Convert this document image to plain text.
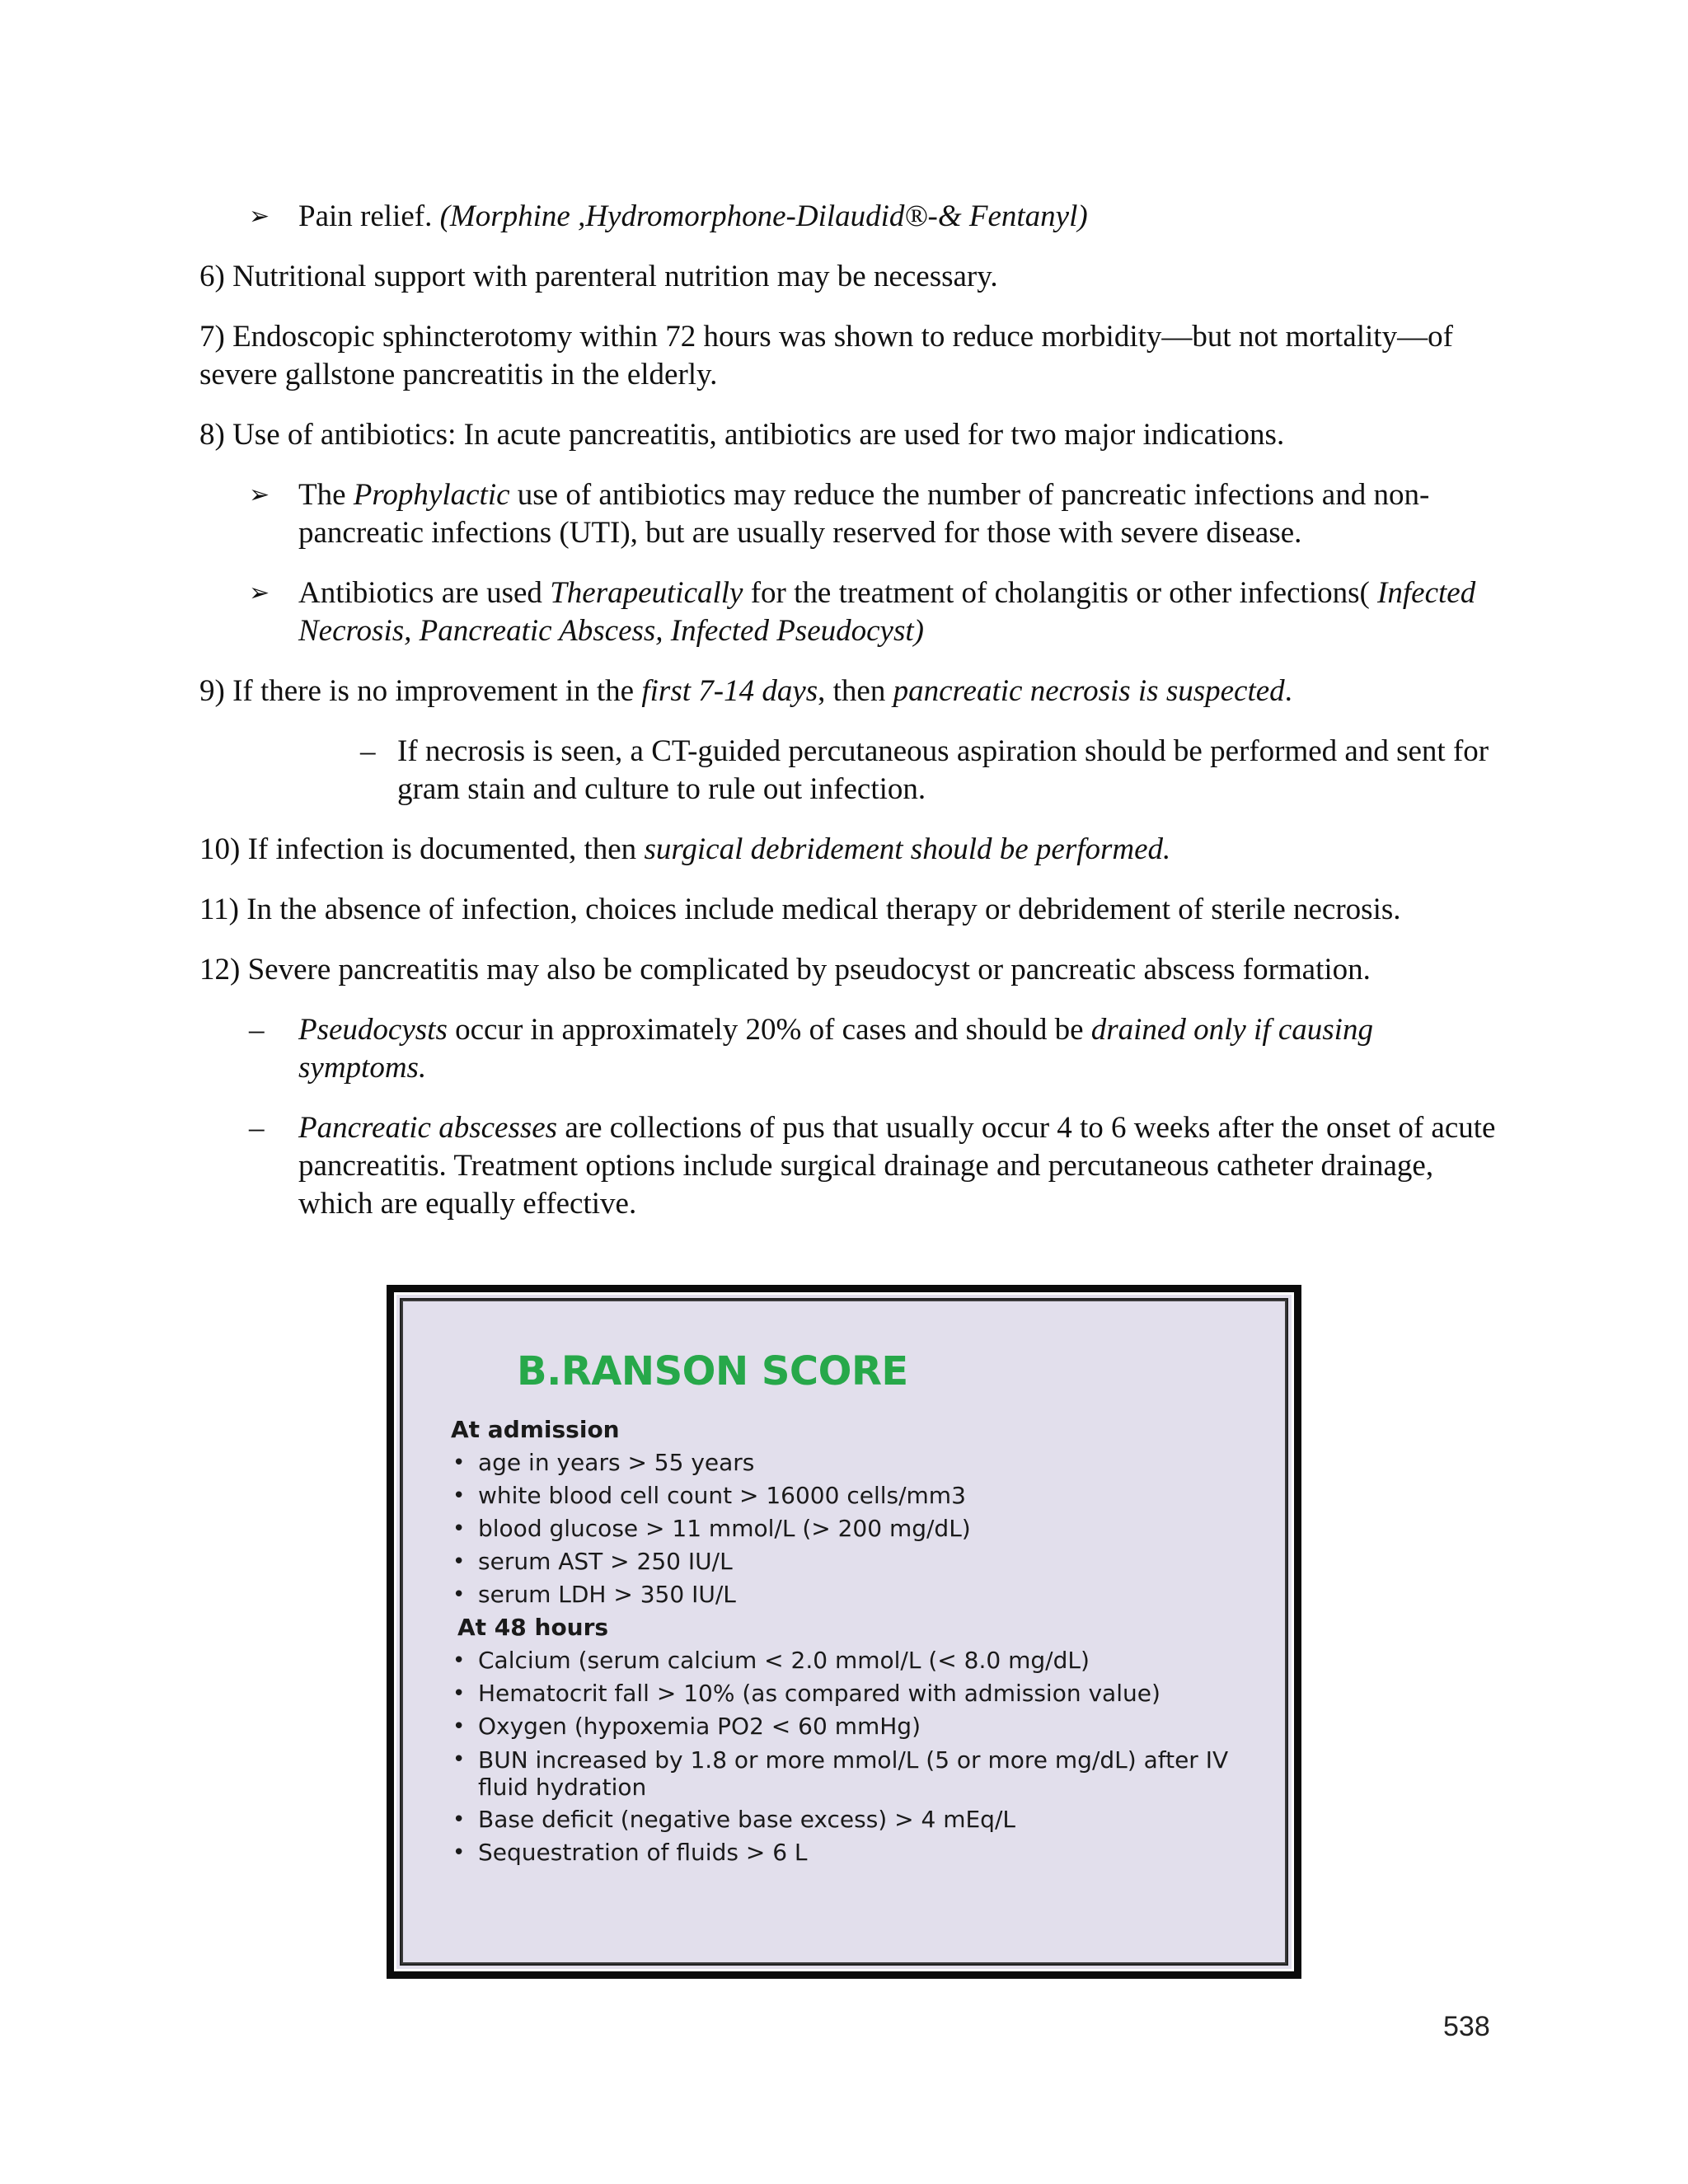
➢ Pain relief. (Morphine ,Hydromorphone-Dilaudid®-& Fentanyl)

6) Nutritional support with parenteral nutrition may be necessary.

7) Endoscopic sphincterotomy within 72 hours was shown to reduce morbidity—but not mortality—of severe gallstone pancreatitis in the elderly.

8) Use of antibiotics: In acute pancreatitis, antibiotics are used for two major indications.

➢ The Prophylactic use of antibiotics may reduce the number of pancreatic infections and non-pancreatic infections (UTI), but are usually reserved for those with severe disease.
➢ Antibiotics are used Therapeutically for the treatment of cholangitis or other infections( Infected Necrosis, Pancreatic Abscess, Infected Pseudocyst)

9) If there is no improvement in the first 7-14 days, then pancreatic necrosis is suspected.

– If necrosis is seen, a CT-guided percutaneous aspiration should be performed and sent for gram stain and culture to rule out infection.

10) If infection is documented, then surgical debridement should be performed.

11) In the absence of infection, choices include medical therapy or debridement of sterile necrosis.

12) Severe pancreatitis may also be complicated by pseudocyst or pancreatic abscess formation.

– Pseudocysts occur in approximately 20% of cases and should be drained only if causing symptoms.
– Pancreatic abscesses are collections of pus that usually occur 4 to 6 weeks after the onset of acute pancreatitis. Treatment options include surgical drainage and percutaneous catheter drainage, which are equally effective.
B.RANSON SCORE

At admission

• age in years > 55 years
• white blood cell count > 16000 cells/mm3
• blood glucose > 11 mmol/L (> 200 mg/dL)
• serum AST > 250 IU/L
• serum LDH > 350 IU/L

At 48 hours

• Calcium (serum calcium < 2.0 mmol/L (< 8.0 mg/dL)
• Hematocrit fall > 10% (as compared with admission value)
• Oxygen (hypoxemia PO2 < 60 mmHg)
• BUN increased by 1.8 or more mmol/L (5 or more mg/dL) after IV fluid hydration
• Base deficit (negative base excess) > 4 mEq/L
• Sequestration of fluids > 6 L
538
